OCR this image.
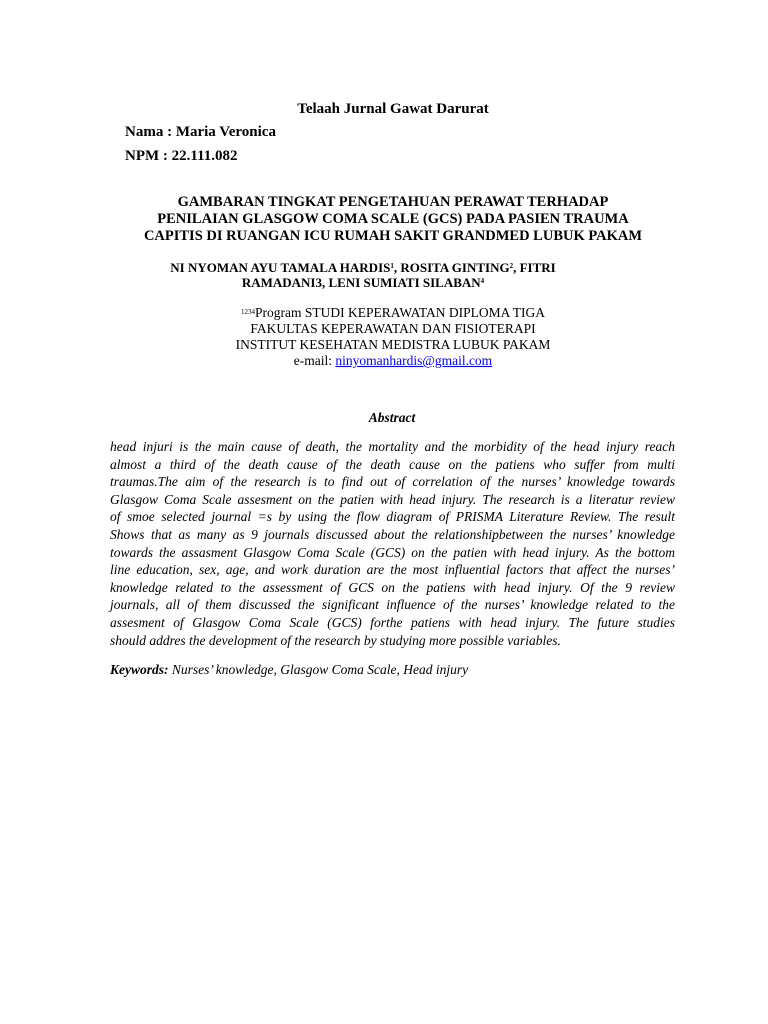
Telaah Jurnal Gawat Darurat
Nama : Maria Veronica
NPM : 22.111.082
GAMBARAN TINGKAT PENGETAHUAN PERAWAT TERHADAP
PENILAIAN GLASGOW COMA SCALE (GCS) PADA PASIEN TRAUMA
CAPITIS DI RUANGAN ICU RUMAH SAKIT GRANDMED LUBUK PAKAM
NI NYOMAN AYU TAMALA HARDIS$^1$, ROSITA GINTING$^2$, FITRI
RAMADANI3, LENI SUMIATI SILABAN$^4$
$^{1234}$Program STUDI KEPERAWATAN DIPLOMA TIGA
FAKULTAS KEPERAWATAN DAN FISIOTERAPI
INSTITUT KESEHATAN MEDISTRA LUBUK PAKAM
e-mail: ninyomanhardis@gmail.com
Abstract
head injuri is the main cause of death, the mortality and the morbidity of the head injury reach
almost a third of the death cause of the death cause on the patiens who suffer from multi
traumas.The aim of the research is to find out of correlation of the nurses’ knowledge towards
Glasgow Coma Scale assesment on the patien with head injury. The research is a literatur review
of smoe selected journal =s by using the flow diagram of PRISMA Literature Review. The result
Shows that as many as 9 journals discussed about the relationshipbetween the nurses’ knowledge
towards the assasment Glasgow Coma Scale (GCS) on the patien with head injury. As the bottom
line education, sex, age, and work duration are the most influential factors that affect the nurses’
knowledge related to the assessment of GCS on the patiens with head injury. Of the 9 review
journals, all of them discussed the significant influence of the nurses’ knowledge related to the
assesment of Glasgow Coma Scale (GCS) forthe patiens with head injury. The future studies
should addres the development of the research by studying more possible variables.
Keywords: Nurses’ knowledge, Glasgow Coma Scale, Head injury
